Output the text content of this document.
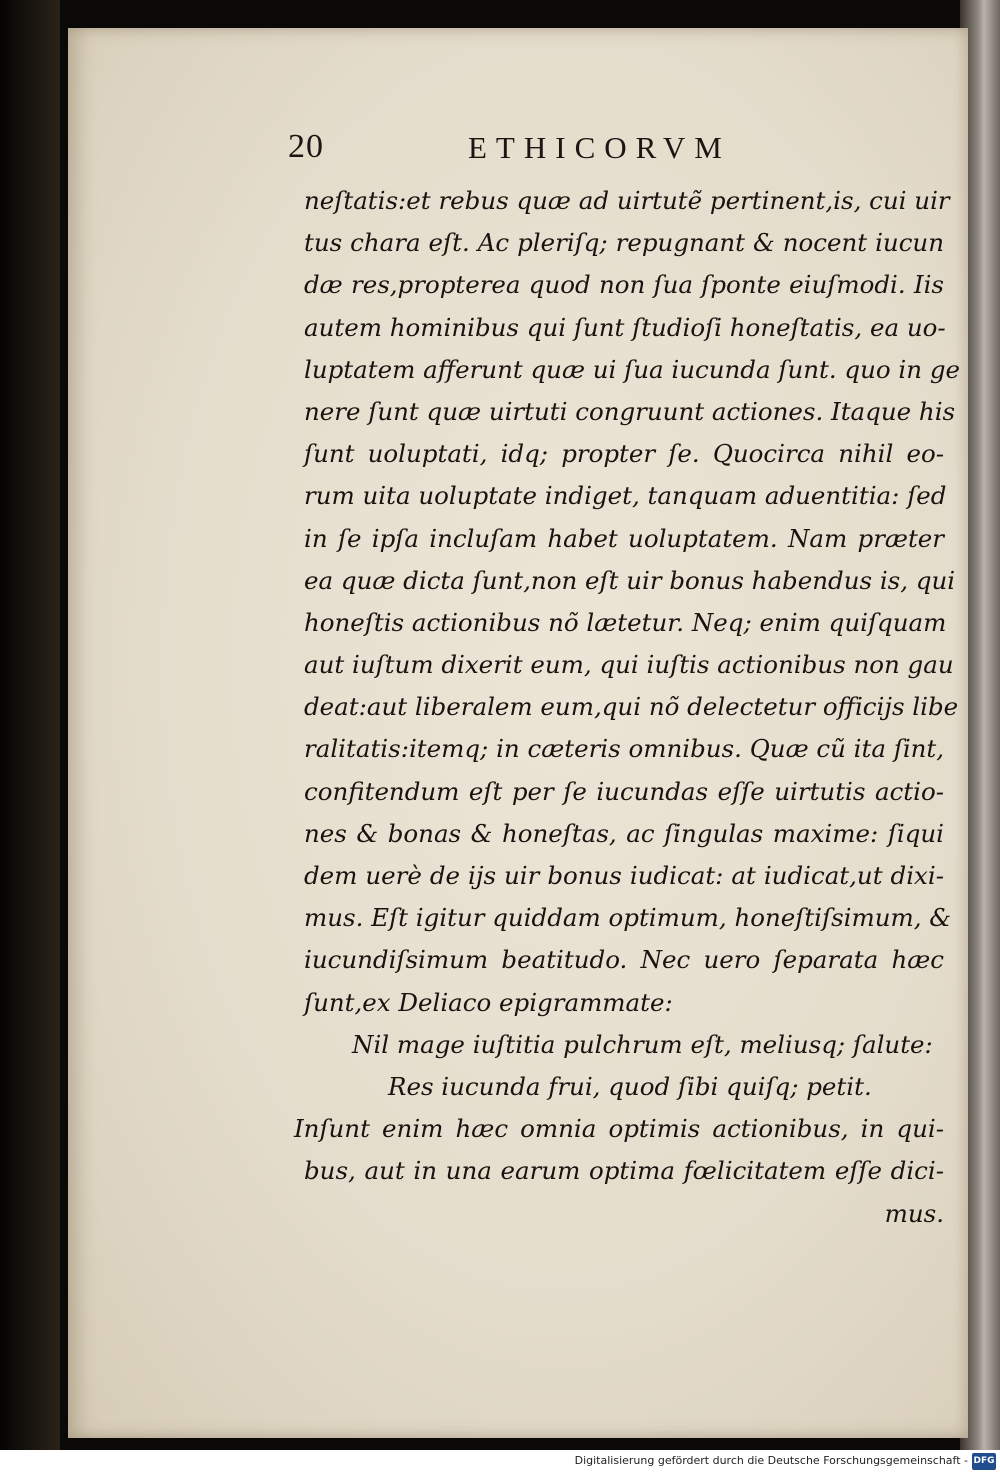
20	ETHICORVM
neſtatis:et rebus quæ ad uirtutẽ pertinent,is, cui uir
tus chara eſt. Ac pleriſq; repugnant & nocent iucun
dæ res,propterea quod non ſua ſponte eiuſmodi. Iis
autem hominibus qui ſunt ſtudioſi honeſtatis, ea uo-
luptatem afferunt quæ ui ſua iucunda ſunt. quo in ge
nere ſunt quæ uirtuti congruunt actiones. Itaque his
ſunt uoluptati, idq; propter ſe. Quocirca nihil eo-
rum uita uoluptate indiget, tanquam aduentitia: ſed
in ſe ipſa incluſam habet uoluptatem. Nam præter
ea quæ dicta ſunt,non eſt uir bonus habendus is, qui
honeſtis actionibus nõ lætetur. Neq; enim quiſquam
aut iuſtum dixerit eum, qui iuſtis actionibus non gau
deat:aut liberalem eum,qui nõ delectetur officijs libe
ralitatis:itemq; in cæteris omnibus. Quæ cũ ita ſint,
confitendum eſt per ſe iucundas eſſe uirtutis actio-
nes & bonas & honeſtas, ac ſingulas maxime: ſiqui
dem uerè de ijs uir bonus iudicat: at iudicat,ut dixi-
mus. Eſt igitur quiddam optimum, honeſtiſsimum, &
iucundiſsimum beatitudo. Nec uero ſeparata hæc
ſunt,ex Deliaco epigrammate:
Nil mage iuſtitia pulchrum eſt, meliusq; ſalute:
Res iucunda frui, quod ſibi quiſq; petit.
Inſunt enim hæc omnia optimis actionibus, in qui-
bus, aut in una earum optima fœlicitatem eſſe dici-
mus.
Digitalisierung gefördert durch die Deutsche Forschungsgemeinschaft - DFG
